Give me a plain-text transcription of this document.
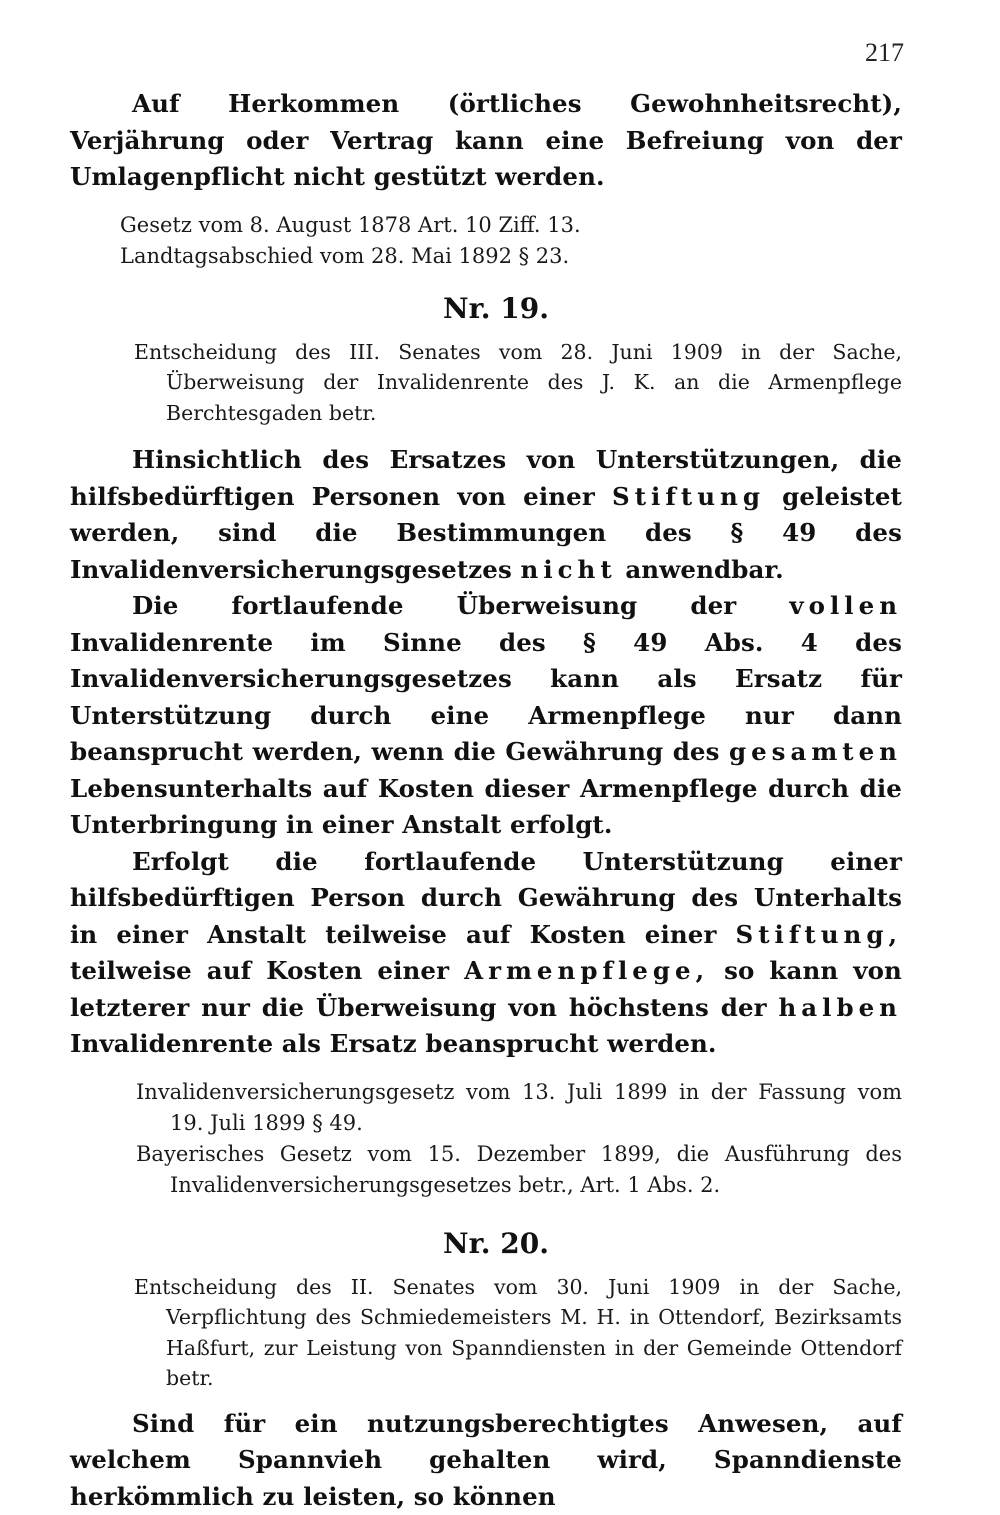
217

Auf Herkommen (örtliches Gewohnheitsrecht), Verjährung oder Vertrag kann eine Befreiung von der Umlagenpflicht nicht gestützt werden.

Gesetz vom 8. August 1878 Art. 10 Ziff. 13.

Landtagsabschied vom 28. Mai 1892 § 23.

Nr. 19.

Entscheidung des III. Senates vom 28. Juni 1909 in der Sache, Überweisung der Invalidenrente des J. K. an die Armenpflege Berchtesgaden betr.

Hinsichtlich des Ersatzes von Unterstützungen, die hilfsbedürftigen Personen von einer Stiftung geleistet werden, sind die Bestimmungen des § 49 des Invalidenversicherungsgesetzes nicht anwendbar.

Die fortlaufende Überweisung der vollen Invalidenrente im Sinne des § 49 Abs. 4 des Invalidenversicherungsgesetzes kann als Ersatz für Unterstützung durch eine Armenpflege nur dann beansprucht werden, wenn die Gewährung des gesamten Lebensunterhalts auf Kosten dieser Armenpflege durch die Unterbringung in einer Anstalt erfolgt.

Erfolgt die fortlaufende Unterstützung einer hilfsbedürftigen Person durch Gewährung des Unterhalts in einer Anstalt teilweise auf Kosten einer Stiftung, teilweise auf Kosten einer Armenpflege, so kann von letzterer nur die Überweisung von höchstens der halben Invalidenrente als Ersatz beansprucht werden.

Invalidenversicherungsgesetz vom 13. Juli 1899 in der Fassung vom 19. Juli 1899 § 49.

Bayerisches Gesetz vom 15. Dezember 1899, die Ausführung des Invalidenversicherungsgesetzes betr., Art. 1 Abs. 2.

Nr. 20.

Entscheidung des II. Senates vom 30. Juni 1909 in der Sache, Verpflichtung des Schmiedemeisters M. H. in Ottendorf, Bezirksamts Haßfurt, zur Leistung von Spanndiensten in der Gemeinde Ottendorf betr.

Sind für ein nutzungsberechtigtes Anwesen, auf welchem Spannvieh gehalten wird, Spanndienste herkömmlich zu leisten, so können
